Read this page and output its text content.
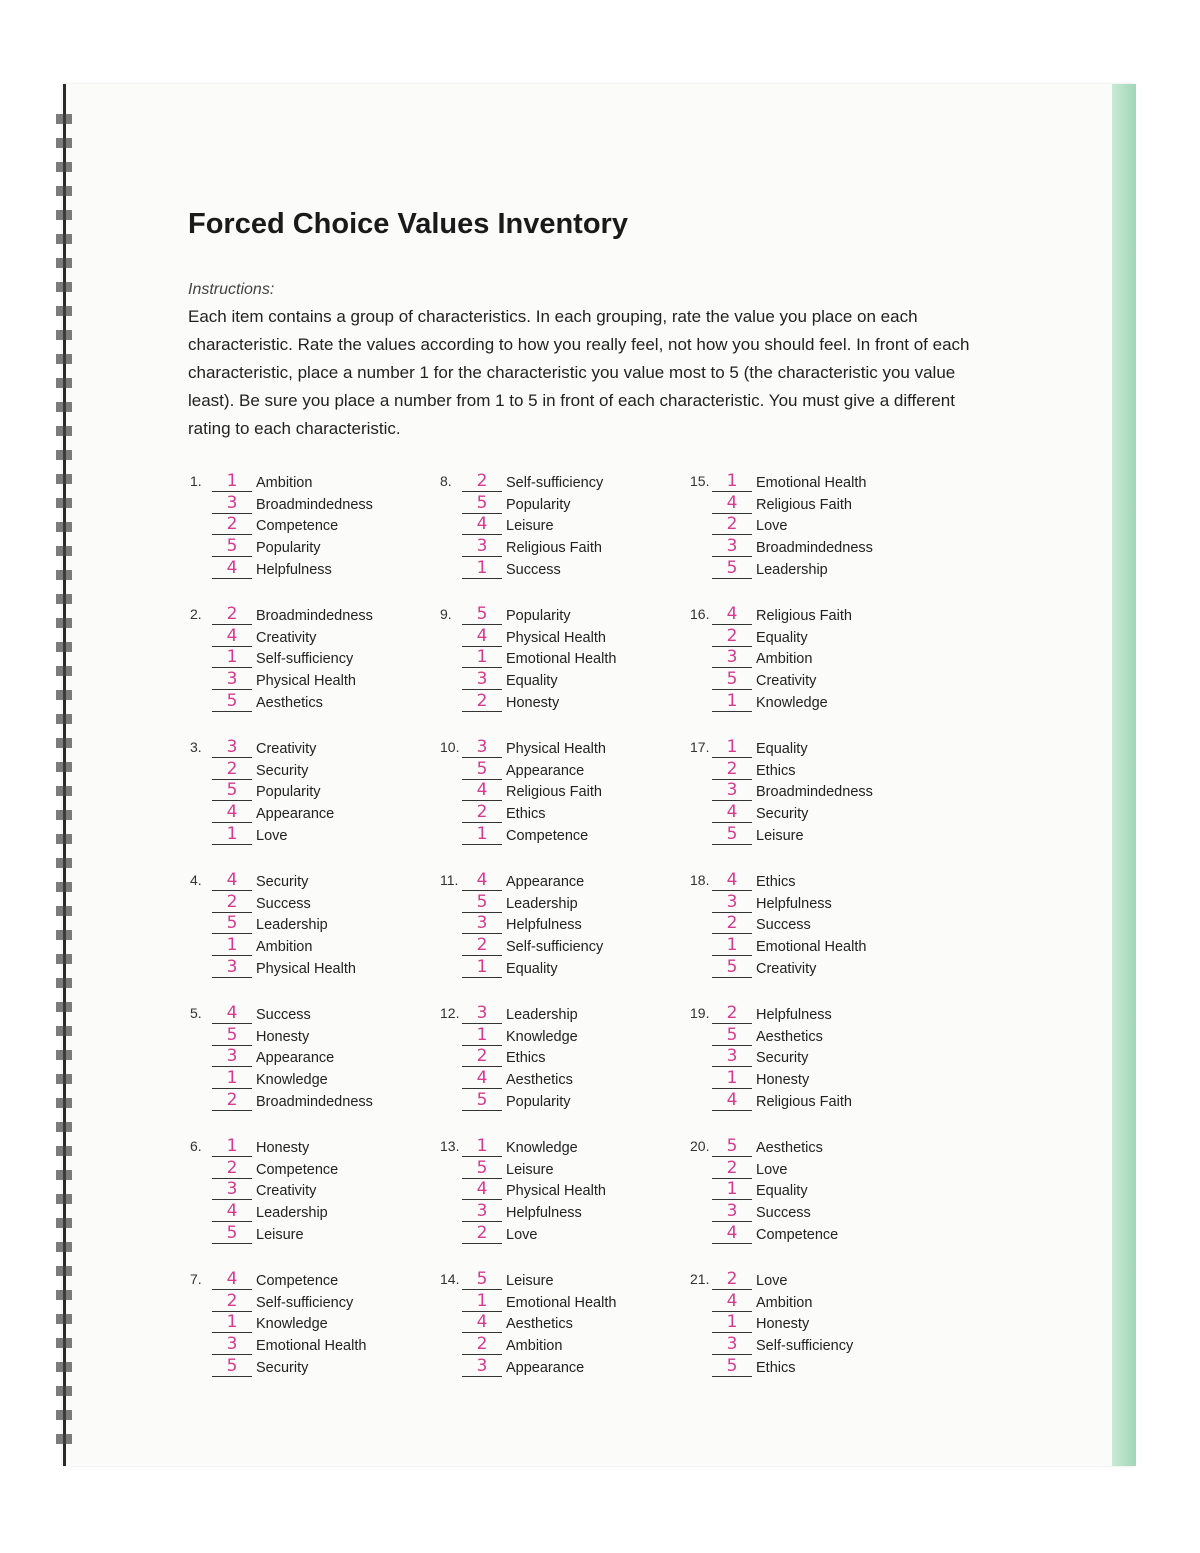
Forced Choice Values Inventory
Instructions:
Each item contains a group of characteristics. In each grouping, rate the value you place on each characteristic. Rate the values according to how you really feel, not how you should feel. In front of each characteristic, place a number 1 for the characteristic you value most to 5 (the characteristic you value least). Be sure you place a number from 1 to 5 in front of each characteristic. You must give a different rating to each characteristic.
1.	1	Ambition
3	Broadmindedness
2	Competence
5	Popularity
4	Helpfulness
8.	2	Self-sufficiency
5	Popularity
4	Leisure
3	Religious Faith
1	Success
15.	1	Emotional Health
4	Religious Faith
2	Love
3	Broadmindedness
5	Leadership
2.	2	Broadmindedness
4	Creativity
1	Self-sufficiency
3	Physical Health
5	Aesthetics
9.	5	Popularity
4	Physical Health
1	Emotional Health
3	Equality
2	Honesty
16.	4	Religious Faith
2	Equality
3	Ambition
5	Creativity
1	Knowledge
3.	3	Creativity
2	Security
5	Popularity
4	Appearance
1	Love
10.	3	Physical Health
5	Appearance
4	Religious Faith
2	Ethics
1	Competence
17.	1	Equality
2	Ethics
3	Broadmindedness
4	Security
5	Leisure
4.	4	Security
2	Success
5	Leadership
1	Ambition
3	Physical Health
11.	4	Appearance
5	Leadership
3	Helpfulness
2	Self-sufficiency
1	Equality
18.	4	Ethics
3	Helpfulness
2	Success
1	Emotional Health
5	Creativity
5.	4	Success
5	Honesty
3	Appearance
1	Knowledge
2	Broadmindedness
12.	3	Leadership
1	Knowledge
2	Ethics
4	Aesthetics
5	Popularity
19.	2	Helpfulness
5	Aesthetics
3	Security
1	Honesty
4	Religious Faith
6.	1	Honesty
2	Competence
3	Creativity
4	Leadership
5	Leisure
13.	1	Knowledge
5	Leisure
4	Physical Health
3	Helpfulness
2	Love
20.	5	Aesthetics
2	Love
1	Equality
3	Success
4	Competence
7.	4	Competence
2	Self-sufficiency
1	Knowledge
3	Emotional Health
5	Security
14.	5	Leisure
1	Emotional Health
4	Aesthetics
2	Ambition
3	Appearance
21.	2	Love
4	Ambition
1	Honesty
3	Self-sufficiency
5	Ethics
